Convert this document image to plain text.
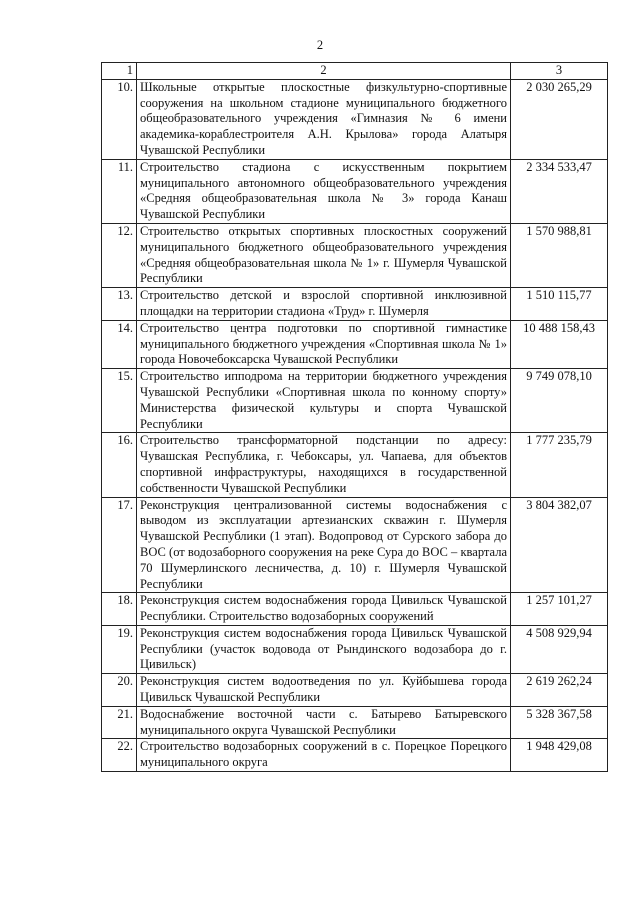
2
1	2	3
10.	Школьные открытые плоскостные физкультурно-спортивные сооружения на школьном стадионе муниципального бюджетного общеобразовательного учреждения «Гимназия № 6 имени академика-кораблестроителя А.Н. Крылова» города Алатыря Чувашской Республики	2 030 265,29
11.	Строительство стадиона с искусственным покрытием муниципального автономного общеобразовательного учреждения «Средняя общеобразовательная школа № 3» города Канаш Чувашской Республики	2 334 533,47
12.	Строительство открытых спортивных плоскостных сооружений муниципального бюджетного общеобразовательного учреждения «Средняя общеобразовательная школа № 1» г. Шумерля Чувашской Республики	1 570 988,81
13.	Строительство детской и взрослой спортивной инклюзивной площадки на территории стадиона «Труд» г. Шумерля	1 510 115,77
14.	Строительство центра подготовки по спортивной гимнастике муниципального бюджетного учреждения «Спортивная школа № 1» города Новочебоксарска Чувашской Республики	10 488 158,43
15.	Строительство ипподрома на территории бюджетного учреждения Чувашской Республики «Спортивная школа по конному спорту» Министерства физической культуры и спорта Чувашской Республики	9 749 078,10
16.	Строительство трансформаторной подстанции по адресу: Чувашская Республика, г. Чебоксары, ул. Чапаева, для объектов спортивной инфраструктуры, находящихся в государственной собственности Чувашской Республики	1 777 235,79
17.	Реконструкция централизованной системы водоснабжения с выводом из эксплуатации артезианских скважин г. Шумерля Чувашской Республики (1 этап). Водопровод от Сурского забора до ВОС (от водозаборного сооружения на реке Сура до ВОС – квартала 70 Шумерлинского лесничества, д. 10) г. Шумерля Чувашской Республики	3 804 382,07
18.	Реконструкция систем водоснабжения города Цивильск Чувашской Республики. Строительство водозаборных сооружений	1 257 101,27
19.	Реконструкция систем водоснабжения города Цивильск Чувашской Республики (участок водовода от Рындинского водозабора до г. Цивильск)	4 508 929,94
20.	Реконструкция систем водоотведения по ул. Куйбышева города Цивильск Чувашской Республики	2 619 262,24
21.	Водоснабжение восточной части с. Батырево Батыревского муниципального округа Чувашской Республики	5 328 367,58
22.	Строительство водозаборных сооружений в с. Порецкое Порецкого муниципального округа	1 948 429,08
